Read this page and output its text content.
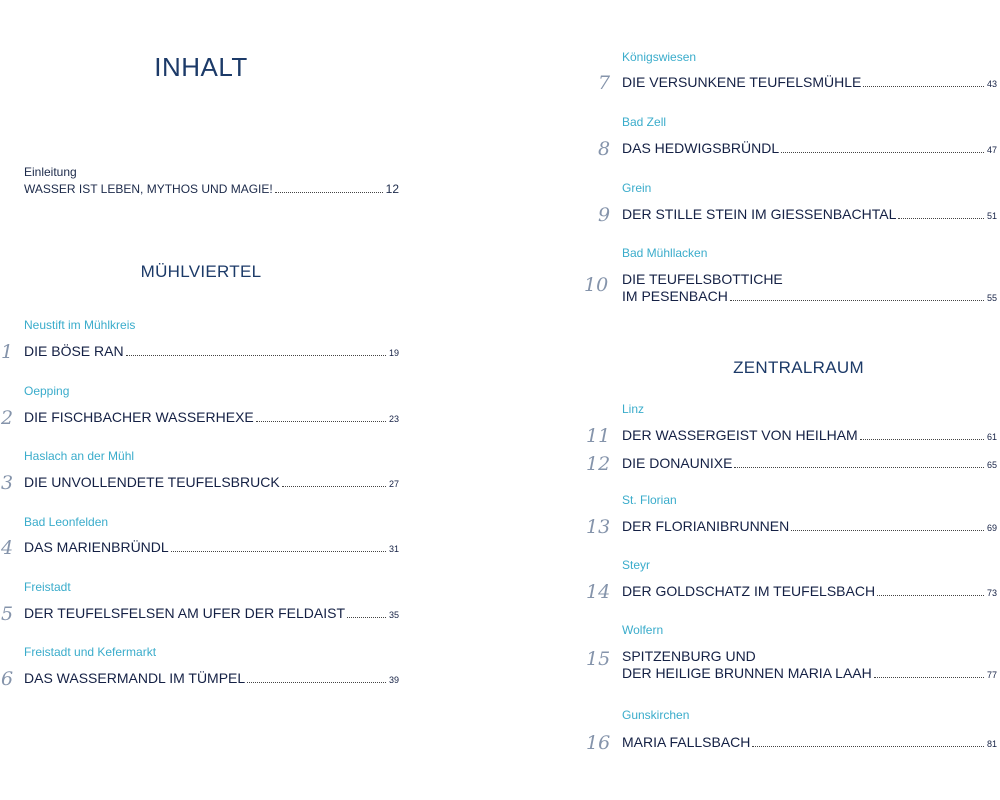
INHALT
Einleitung
WASSER IST LEBEN, MYTHOS UND MAGIE!	12
MÜHLVIERTEL
Neustift im Mühlkreis
1 DIE BÖSE RAN	19
Oepping
2 DIE FISCHBACHER WASSERHEXE	23
Haslach an der Mühl
3 DIE UNVOLLENDETE TEUFELSBRUCK	27
Bad Leonfelden
4 DAS MARIENBRÜNDL	31
Freistadt
5 DER TEUFELSFELSEN AM UFER DER FELDAIST	35
Freistadt und Kefermarkt
6 DAS WASSERMANDL IM TÜMPEL	39
Königswiesen
7 DIE VERSUNKENE TEUFELSMÜHLE	43
Bad Zell
8 DAS HEDWIGSBRÜNDL	47
Grein
9 DER STILLE STEIN IM GIESSENBACHTAL	51
Bad Mühllacken
10 DIE TEUFELSBOTTICHE
IM PESENBACH	55
ZENTRALRAUM
Linz
11 DER WASSERGEIST VON HEILHAM	61
12 DIE DONAUNIXE	65
St. Florian
13 DER FLORIANIBRUNNEN	69
Steyr
14 DER GOLDSCHATZ IM TEUFELSBACH	73
Wolfern
15 SPITZENBURG UND
DER HEILIGE BRUNNEN MARIA LAAH	77
Gunskirchen
16 MARIA FALLSBACH	81
